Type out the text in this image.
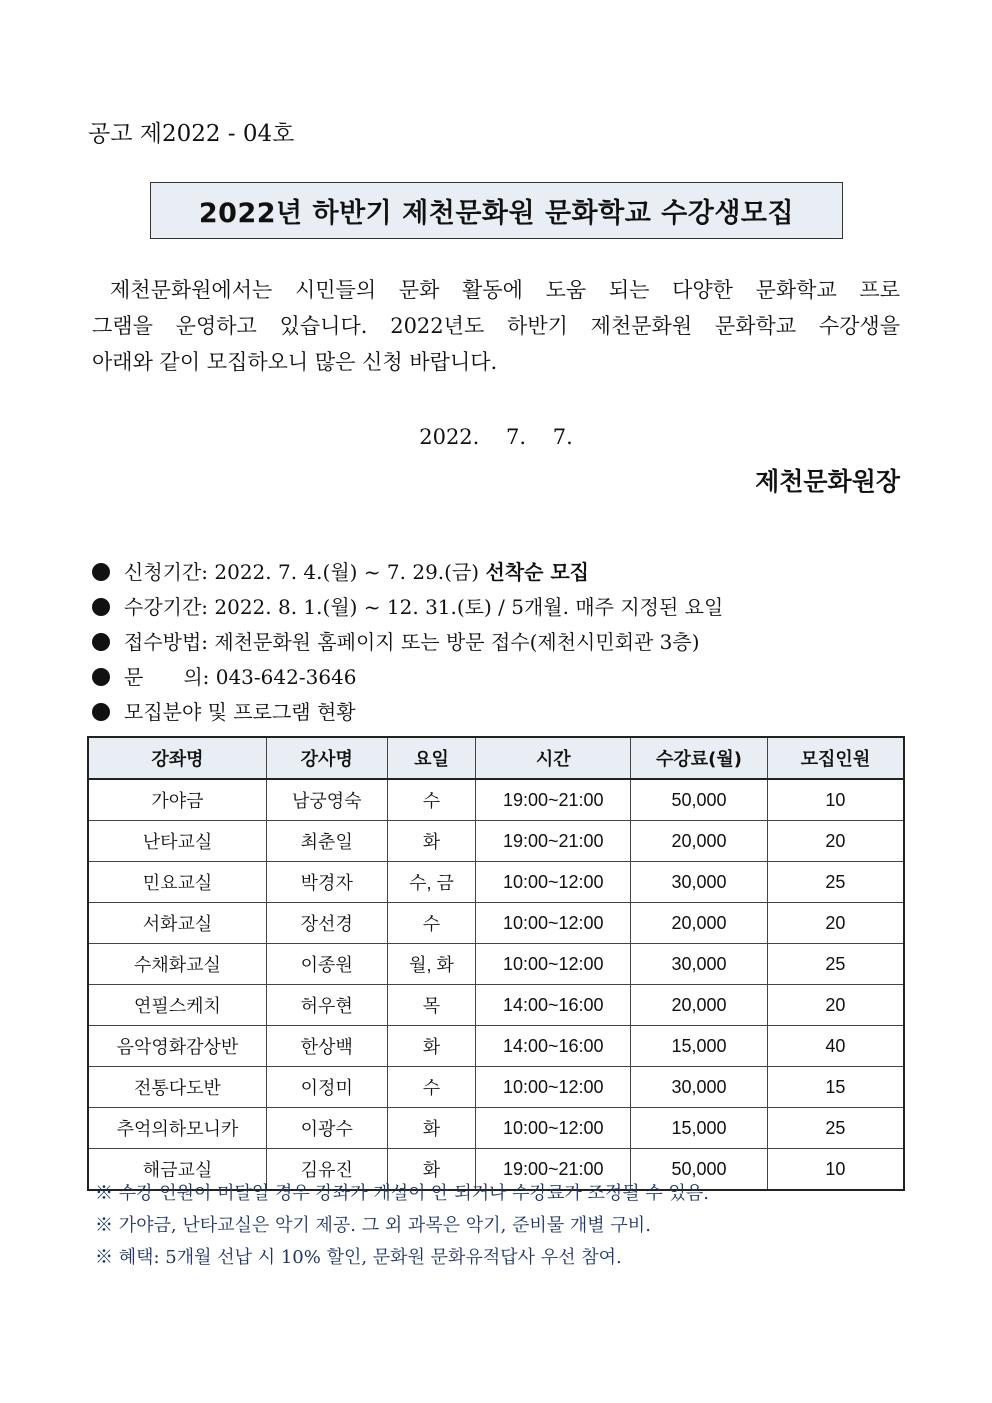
공고 제2022 - 04호
2022년 하반기 제천문화원 문화학교 수강생모집
제천문화원에서는 시민들의 문화 활동에 도움 되는 다양한 문화학교 프로
그램을 운영하고 있습니다. 2022년도 하반기 제천문화원 문화학교 수강생을
아래와 같이 모집하오니 많은 신청 바랍니다.
2022. 7. 7.
제천문화원장
신청기간: 2022. 7. 4.(월) ~ 7. 29.(금) 선착순 모집
수강기간: 2022. 8. 1.(월) ~ 12. 31.(토) / 5개월. 매주 지정된 요일
접수방법: 제천문화원 홈페이지 또는 방문 접수(제천시민회관 3층)
문　　의: 043-642-3646
모집분야 및 프로그램 현황
강좌명	강사명	요일	시간	수강료(월)	모집인원
가야금	남궁영숙	수	19:00~21:00	50,000	10
난타교실	최춘일	화	19:00~21:00	20,000	20
민요교실	박경자	수, 금	10:00~12:00	30,000	25
서화교실	장선경	수	10:00~12:00	20,000	20
수채화교실	이종원	월, 화	10:00~12:00	30,000	25
연필스케치	허우현	목	14:00~16:00	20,000	20
음악영화감상반	한상백	화	14:00~16:00	15,000	40
전통다도반	이정미	수	10:00~12:00	30,000	15
추억의하모니카	이광수	화	10:00~12:00	15,000	25
해금교실	김유진	화	19:00~21:00	50,000	10
※ 수강 인원이 미달일 경우 강좌가 개설이 안 되거나 수강료가 조정될 수 있음.
※ 가야금, 난타교실은 악기 제공. 그 외 과목은 악기, 준비물 개별 구비.
※ 혜택: 5개월 선납 시 10% 할인, 문화원 문화유적답사 우선 참여.
